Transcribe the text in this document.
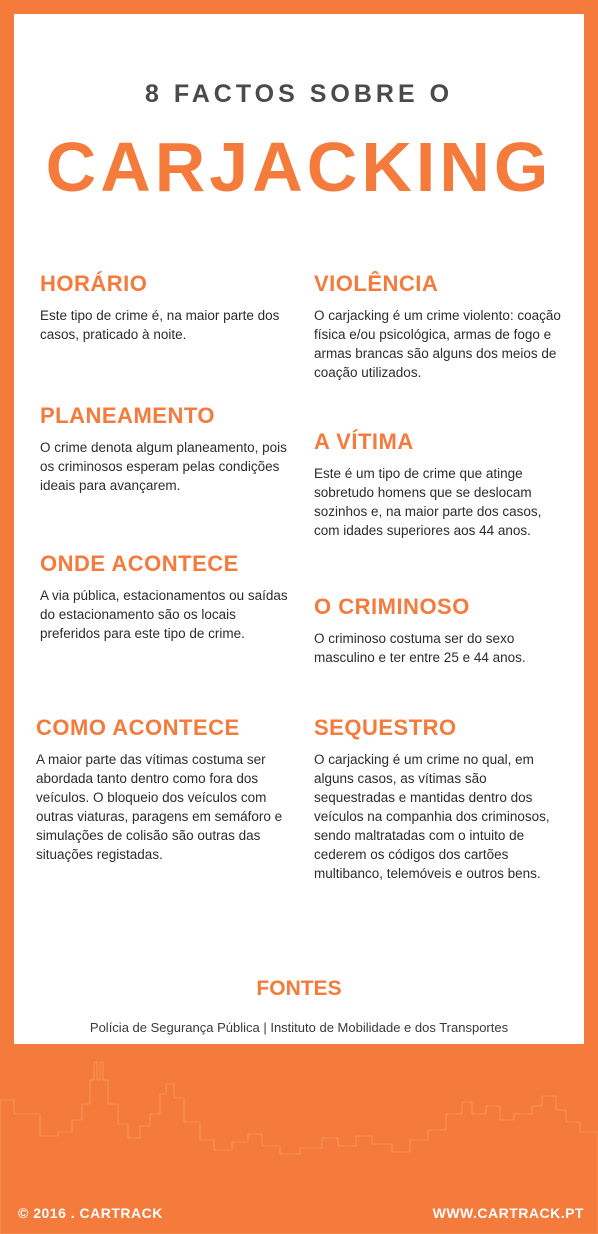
8 FACTOS SOBRE O
CARJACKING
HORÁRIO

Este tipo de crime é, na maior parte dos casos, praticado à noite.

VIOLÊNCIA

O carjacking é um crime violento: coação física e/ou psicológica, armas de fogo e armas brancas são alguns dos meios de coação utilizados.

PLANEAMENTO

O crime denota algum planeamento, pois os criminosos esperam pelas condições ideais para avançarem.

A VÍTIMA

Este é um tipo de crime que atinge sobretudo homens que se deslocam sozinhos e, na maior parte dos casos, com idades superiores aos 44 anos.

ONDE ACONTECE

A via pública, estacionamentos ou saídas do estacionamento são os locais preferidos para este tipo de crime.

O CRIMINOSO

O criminoso costuma ser do sexo masculino e ter entre 25 e 44 anos.

COMO ACONTECE

A maior parte das vítimas costuma ser abordada tanto dentro como fora dos veículos. O bloqueio dos veículos com outras viaturas, paragens em semáforo e simulações de colisão são outras das situações registadas.

SEQUESTRO

O carjacking é um crime no qual, em alguns casos, as vítimas são sequestradas e mantidas dentro dos veículos na companhia dos criminosos, sendo maltratadas com o intuito de cederem os códigos dos cartões multibanco, telemóveis e outros bens.

FONTES
Polícia de Segurança Pública | Instituto de Mobilidade e dos Transportes
© 2016 . CARTRACK	WWW.CARTRACK.PT
